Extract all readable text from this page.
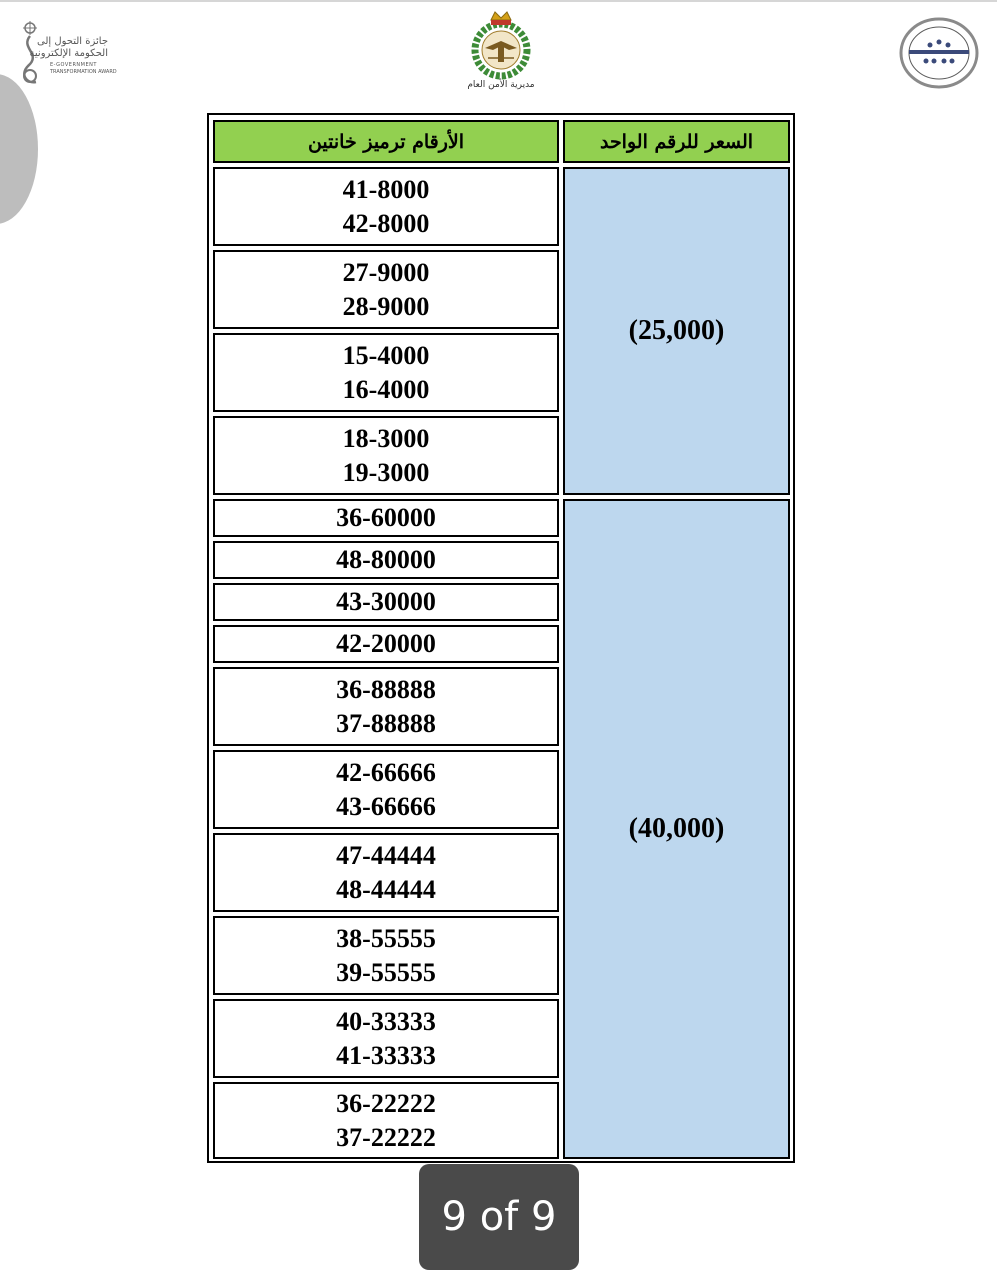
جائزة التحول إلى
الحكومة الإلكترونية
E-GOVERNMENT
TRANSFORMATION AWARD
مديرية الأمن العام
السعر للرقم الواحد
الأرقام ترميز خانتين
(25,000)
(40,000)
41-8000
42-8000
27-9000
28-9000
15-4000
16-4000
18-3000
19-3000
36-60000
48-80000
43-30000
42-20000
36-88888
37-88888
42-66666
43-66666
47-44444
48-44444
38-55555
39-55555
40-33333
41-33333
36-22222
37-22222
9 of 9
